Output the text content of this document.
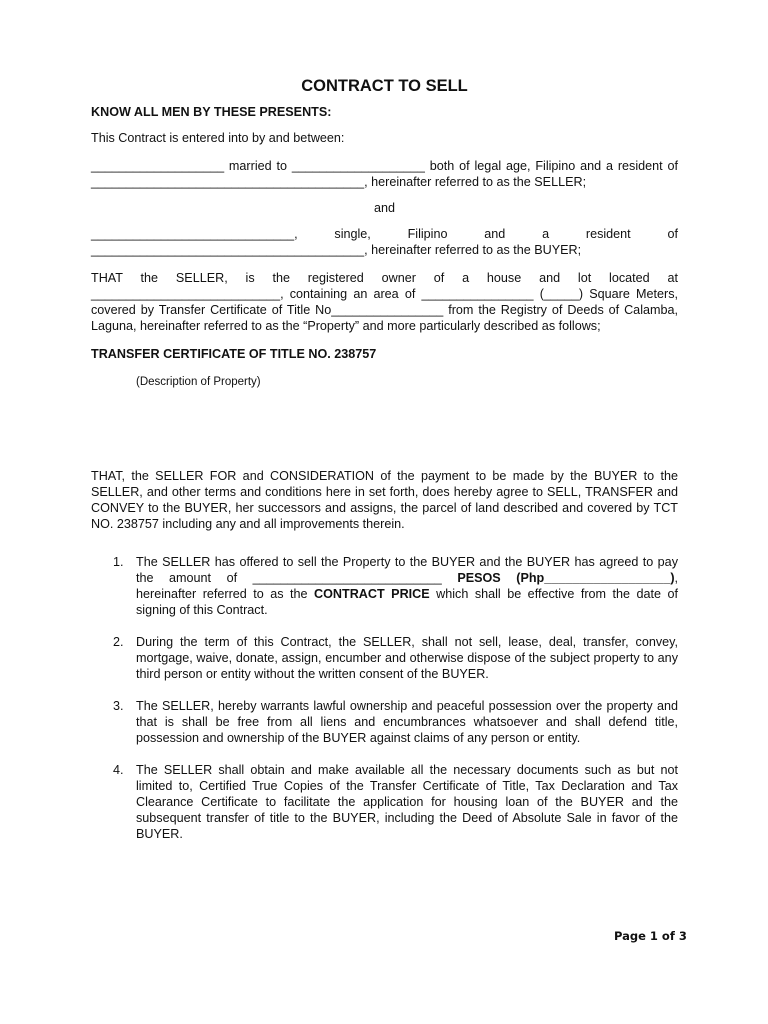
CONTRACT TO SELL

KNOW ALL MEN BY THESE PRESENTS:

This Contract is entered into by and between:

___________________ married to ___________________ both of legal age, Filipino and a resident of _______________________________________, hereinafter referred to as the SELLER;

and

_____________________________,	single,	Filipino	and	a	resident	of

_______________________________________, hereinafter referred to as the BUYER;

THAT the SELLER, is the registered owner of a house and lot located at ___________________________, containing an area of ________________ (_____) Square Meters, covered by Transfer Certificate of Title No________________ from the Registry of Deeds of Calamba, Laguna, hereinafter referred to as the “Property” and more particularly described as follows;

TRANSFER CERTIFICATE OF TITLE NO. 238757

(Description of Property)

THAT, the SELLER FOR and CONSIDERATION of the payment to be made by the BUYER to the SELLER, and other terms and conditions here in set forth, does hereby agree to SELL, TRANSFER and CONVEY to the BUYER, her successors and assigns, the parcel of land described and covered by TCT NO. 238757 including any and all improvements therein.

1. The SELLER has offered to sell the Property to the BUYER and the BUYER has agreed to pay the amount of ___________________________ PESOS (Php__________________), hereinafter referred to as the CONTRACT PRICE which shall be effective from the date of signing of this Contract.
2. During the term of this Contract, the SELLER, shall not sell, lease, deal, transfer, convey, mortgage, waive, donate, assign, encumber and otherwise dispose of the subject property to any third person or entity without the written consent of the BUYER.
3. The SELLER, hereby warrants lawful ownership and peaceful possession over the property and that is shall be free from all liens and encumbrances whatsoever and shall defend title, possession and ownership of the BUYER against claims of any person or entity.
4. The SELLER shall obtain and make available all the necessary documents such as but not limited to, Certified True Copies of the Transfer Certificate of Title, Tax Declaration and Tax Clearance Certificate to facilitate the application for housing loan of the BUYER and the subsequent transfer of title to the BUYER, including the Deed of Absolute Sale in favor of the BUYER.
Page 1 of 3
